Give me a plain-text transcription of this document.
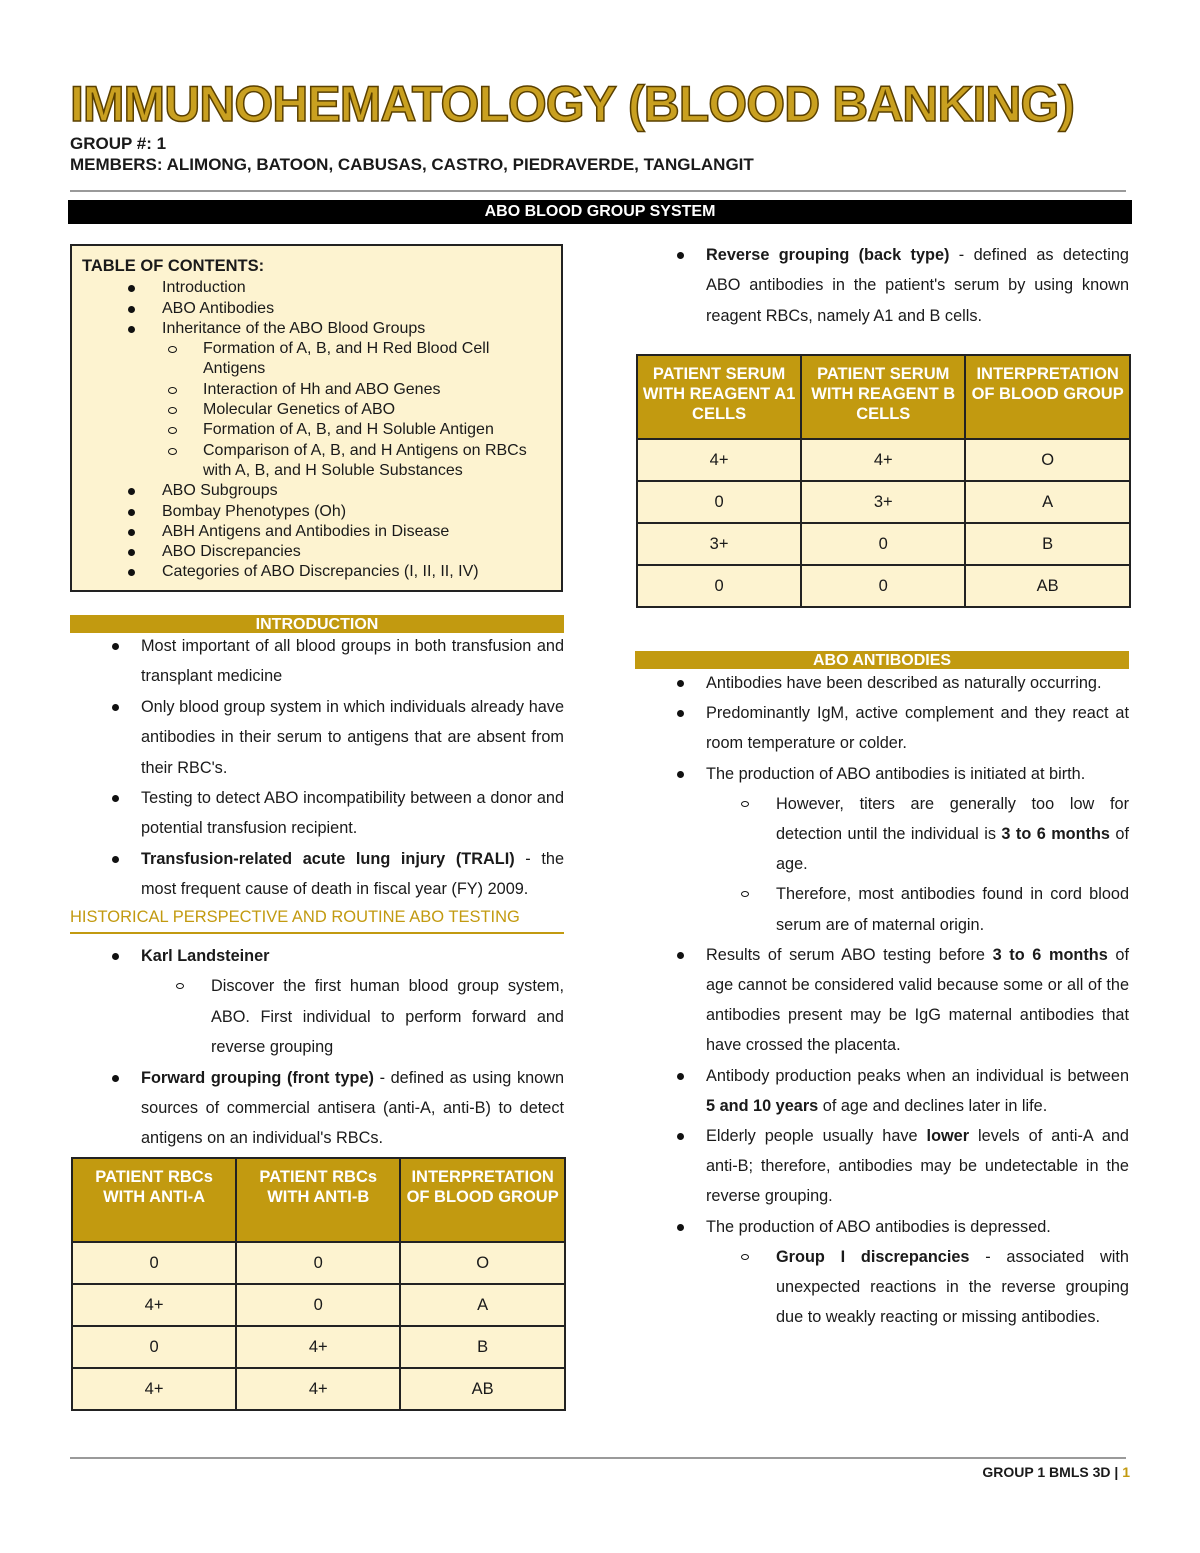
IMMUNOHEMATOLOGY (BLOOD BANKING)
GROUP #: 1
MEMBERS: ALIMONG, BATOON, CABUSAS, CASTRO, PIEDRAVERDE, TANGLANGIT
ABO BLOOD GROUP SYSTEM
TABLE OF CONTENTS:
Introduction
ABO Antibodies
Inheritance of the ABO Blood Groups
Formation of A, B, and H Red Blood Cell Antigens
Interaction of Hh and ABO Genes
Molecular Genetics of ABO
Formation of A, B, and H Soluble Antigen
Comparison of A, B, and H Antigens on RBCs with A, B, and H Soluble Substances
ABO Subgroups
Bombay Phenotypes (Oh)
ABH Antigens and Antibodies in Disease
ABO Discrepancies
Categories of ABO Discrepancies (I, II, II, IV)
INTRODUCTION

Most important of all blood groups in both transfusion and transplant medicine

Only blood group system in which individuals already have antibodies in their serum to antigens that are absent from their RBC's.

Testing to detect ABO incompatibility between a donor and potential transfusion recipient.

Transfusion-related acute lung injury (TRALI) - the most frequent cause of death in fiscal year (FY) 2009.

HISTORICAL PERSPECTIVE AND ROUTINE ABO TESTING

Karl Landsteiner

Discover the first human blood group system, ABO. First individual to perform forward and reverse grouping

Forward grouping (front type) - defined as using known sources of commercial antisera (anti-A, anti-B) to detect antigens on an individual's RBCs.

PATIENT RBCs WITH ANTI-A	PATIENT RBCs WITH ANTI-B	INTERPRETATION OF BLOOD GROUP
0	0	O
4+	0	A
0	4+	B
4+	4+	AB

Reverse grouping (back type) - defined as detecting ABO antibodies in the patient's serum by using known reagent RBCs, namely A1 and B cells.

PATIENT SERUM WITH REAGENT A1 CELLS	PATIENT SERUM WITH REAGENT B CELLS	INTERPRETATION OF BLOOD GROUP
4+	4+	O
0	3+	A
3+	0	B
0	0	AB
ABO ANTIBODIES

Antibodies have been described as naturally occurring.

Predominantly IgM, active complement and they react at room temperature or colder.

The production of ABO antibodies is initiated at birth.

However, titers are generally too low for detection until the individual is 3 to 6 months of age.

Therefore, most antibodies found in cord blood serum are of maternal origin.

Results of serum ABO testing before 3 to 6 months of age cannot be considered valid because some or all of the antibodies present may be IgG maternal antibodies that have crossed the placenta.

Antibody production peaks when an individual is between 5 and 10 years of age and declines later in life.

Elderly people usually have lower levels of anti-A and anti-B; therefore, antibodies may be undetectable in the reverse grouping.

The production of ABO antibodies is depressed.

Group I discrepancies - associated with unexpected reactions in the reverse grouping due to weakly reacting or missing antibodies.

GROUP 1 BMLS 3D | 1
